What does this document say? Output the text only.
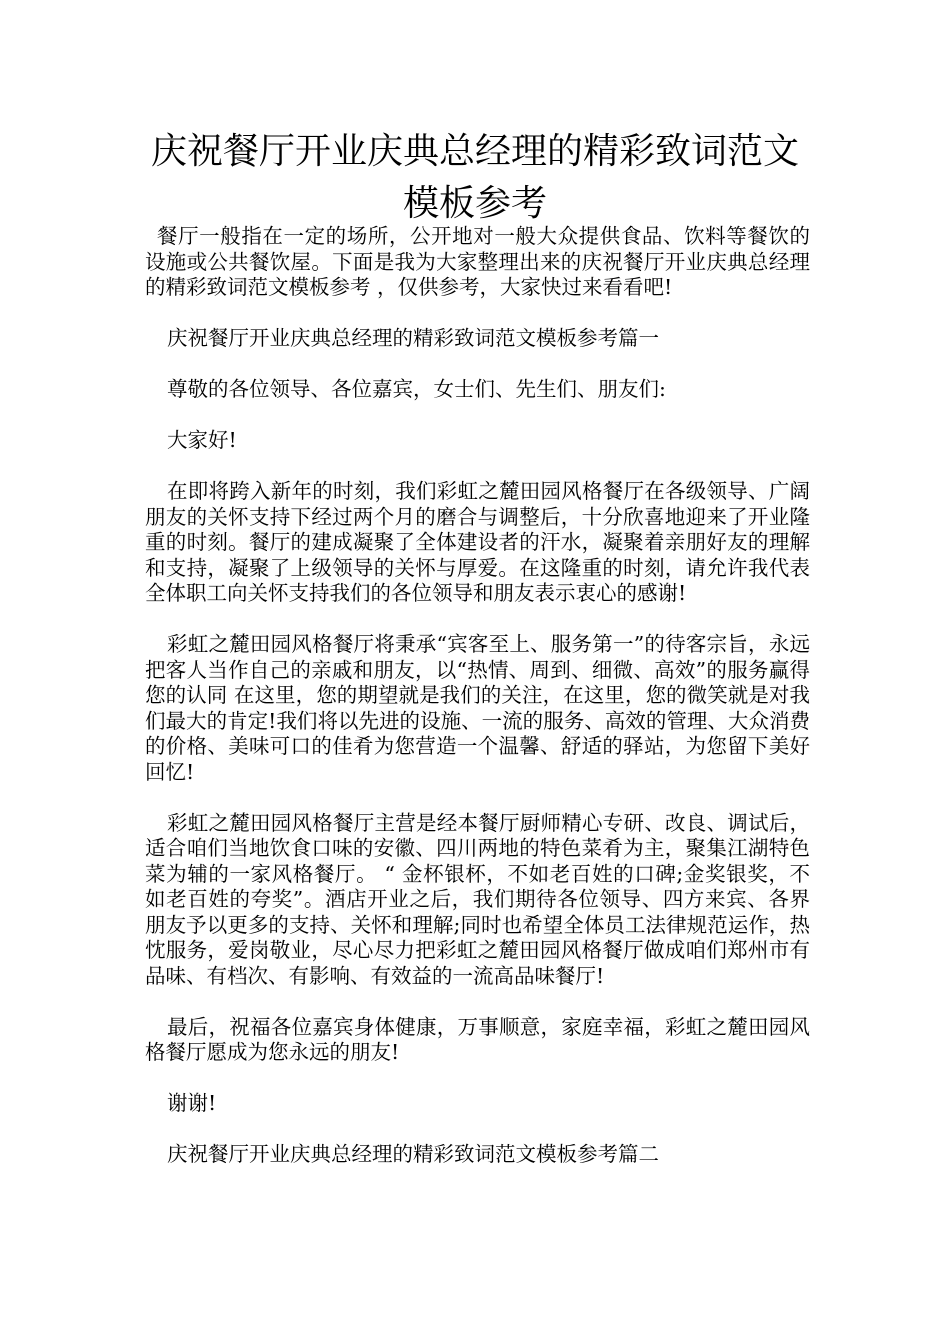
庆祝餐厅开业庆典总经理的精彩致词范文模板参考

餐厅一般指在一定的场所，公开地对一般大众提供食品、饮料等餐饮的设施或公共餐饮屋。下面是我为大家整理出来的庆祝餐厅开业庆典总经理的精彩致词范文模板参考 ，仅供参考，大家快过来看看吧!

庆祝餐厅开业庆典总经理的精彩致词范文模板参考篇一

尊敬的各位领导、各位嘉宾，女士们、先生们、朋友们:

大家好!

在即将跨入新年的时刻，我们彩虹之麓田园风格餐厅在各级领导、广阔朋友的关怀支持下经过两个月的磨合与调整后，十分欣喜地迎来了开业隆重的时刻。餐厅的建成凝聚了全体建设者的汗水，凝聚着亲朋好友的理解和支持，凝聚了上级领导的关怀与厚爱。在这隆重的时刻，请允许我代表全体职工向关怀支持我们的各位领导和朋友表示衷心的感谢!

彩虹之麓田园风格餐厅将秉承“宾客至上、服务第一”的待客宗旨，永远把客人当作自己的亲戚和朋友，以“热情、周到、细微、高效”的服务赢得您的认同 在这里，您的期望就是我们的关注，在这里，您的微笑就是对我们最大的肯定!我们将以先进的设施、一流的服务、高效的管理、大众消费的价格、美味可口的佳肴为您营造一个温馨、舒适的驿站，为您留下美好回忆!

彩虹之麓田园风格餐厅主营是经本餐厅厨师精心专研、改良、调试后，适合咱们当地饮食口味的安徽、四川两地的特色菜肴为主，聚集江湖特色菜为辅的一家风格餐厅。 “ 金杯银杯，不如老百姓的口碑;金奖银奖，不如老百姓的夸奖”。酒店开业之后，我们期待各位领导、四方来宾、各界朋友予以更多的支持、关怀和理解;同时也希望全体员工法律规范运作，热忱服务，爱岗敬业，尽心尽力把彩虹之麓田园风格餐厅做成咱们郑州市有品味、有档次、有影响、有效益的一流高品味餐厅!

最后，祝福各位嘉宾身体健康，万事顺意，家庭幸福，彩虹之麓田园风格餐厅愿成为您永远的朋友!

谢谢!

庆祝餐厅开业庆典总经理的精彩致词范文模板参考篇二
